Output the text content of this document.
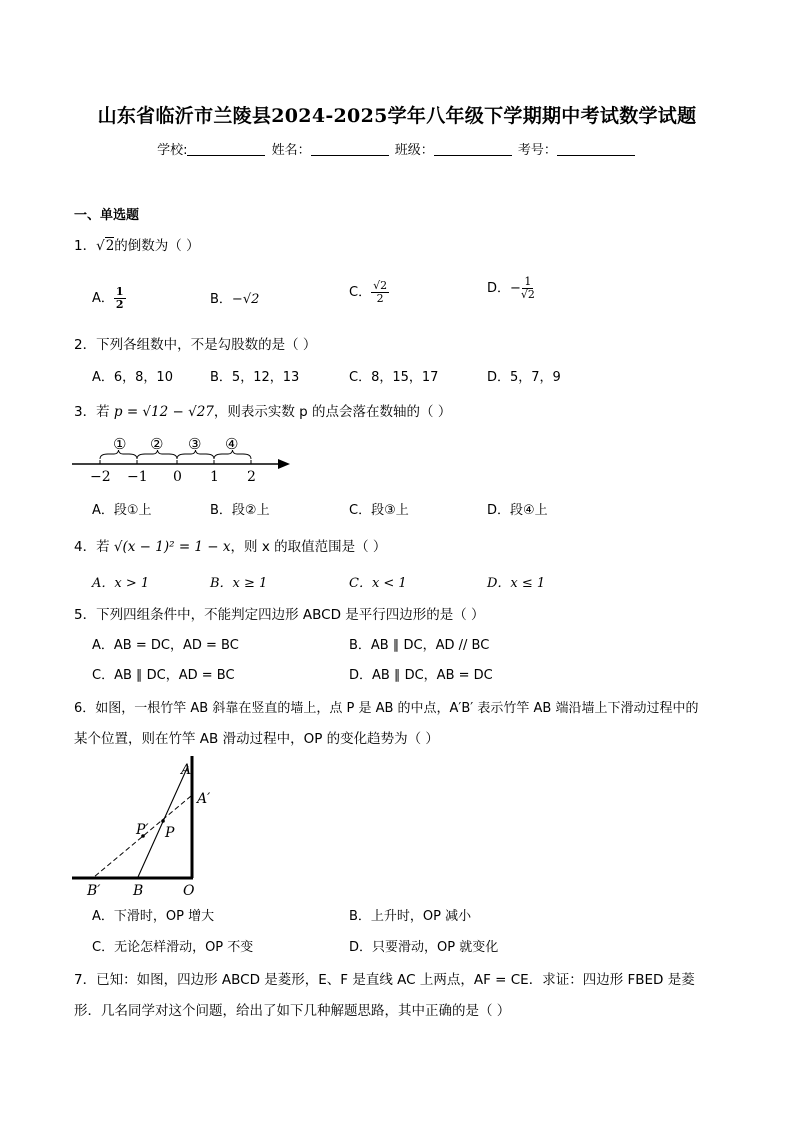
山东省临沂市兰陵县2024-2025学年八年级下学期期中考试数学试题
学校:	姓名：	班级：	考号：
一、单选题
1．√2的倒数为（ ）
A． $\frac{1}{2}$	B．−√2	C． $\frac{√2}{2}$	D．− $\frac{1}{√2}$
2．下列各组数中，不是勾股数的是（ ）
A．6，8，10	B．5，12，13	C．8，15，17	D．5，7，9
3．若 p = √12 − √27，则表示实数 p 的点会落在数轴的（ ）
① ② ③ ④
−2 −1 0 1 2
A．段①上	B．段②上	C．段③上	D．段④上
4．若 √(x − 1)² = 1 − x，则 x 的取值范围是（ ）
A．x > 1	B．x ≥ 1	C．x < 1	D．x ≤ 1
5．下列四组条件中，不能判定四边形 ABCD 是平行四边形的是（ ）
A．AB = DC，AD = BC	B．AB ∥ DC，AD // BC
C．AB ∥ DC，AD = BC	D．AB ∥ DC，AB = DC
6．如图，一根竹竿 AB 斜靠在竖直的墙上，点 P 是 AB 的中点，A′B′ 表示竹竿 AB 端沿墙上下滑动过程中的
某个位置，则在竹竿 AB 滑动过程中，OP 的变化趋势为（ ）
A
A′
P′ P
B′ B	O
A．下滑时，OP 增大	B．上升时，OP 减小
C．无论怎样滑动，OP 不变	D．只要滑动，OP 就变化
7．已知：如图，四边形 ABCD 是菱形，E、F 是直线 AC 上两点，AF = CE．求证：四边形 FBED 是菱
形．几名同学对这个问题，给出了如下几种解题思路，其中正确的是（ ）
